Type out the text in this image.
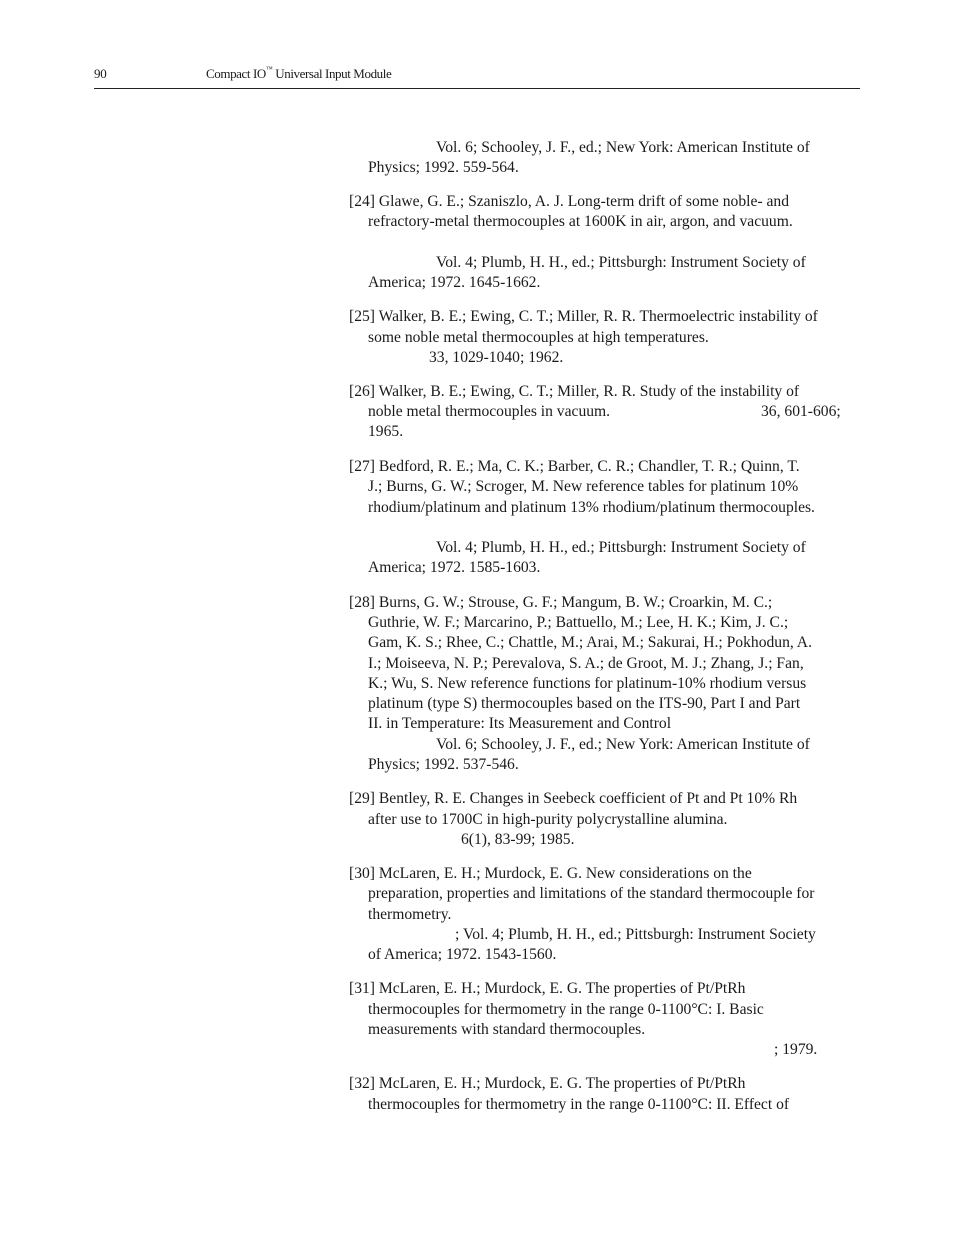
90	Compact IO™ Universal Input Module
Vol. 6; Schooley, J. F., ed.; New York: American Institute of
Physics; 1992. 559-564.
[24] Glawe, G. E.; Szaniszlo, A. J. Long-term drift of some noble- and
refractory-metal thermocouples at 1600K in air, argon, and vacuum.
Vol. 4; Plumb, H. H., ed.; Pittsburgh: Instrument Society of
America; 1972. 1645-1662.
[25] Walker, B. E.; Ewing, C. T.; Miller, R. R. Thermoelectric instability of
some noble metal thermocouples at high temperatures.
33, 1029-1040; 1962.
[26] Walker, B. E.; Ewing, C. T.; Miller, R. R. Study of the instability of
noble metal thermocouples in vacuum.	36, 601-606;
1965.
[27] Bedford, R. E.; Ma, C. K.; Barber, C. R.; Chandler, T. R.; Quinn, T.
J.; Burns, G. W.; Scroger, M. New reference tables for platinum 10%
rhodium/platinum and platinum 13% rhodium/platinum thermocouples.
Vol. 4; Plumb, H. H., ed.; Pittsburgh: Instrument Society of
America; 1972. 1585-1603.
[28] Burns, G. W.; Strouse, G. F.; Mangum, B. W.; Croarkin, M. C.;
Guthrie, W. F.; Marcarino, P.; Battuello, M.; Lee, H. K.; Kim, J. C.;
Gam, K. S.; Rhee, C.; Chattle, M.; Arai, M.; Sakurai, H.; Pokhodun, A.
I.; Moiseeva, N. P.; Perevalova, S. A.; de Groot, M. J.; Zhang, J.; Fan,
K.; Wu, S. New reference functions for platinum-10% rhodium versus
platinum (type S) thermocouples based on the ITS-90, Part I and Part
II. in Temperature: Its Measurement and Control
Vol. 6; Schooley, J. F., ed.; New York: American Institute of
Physics; 1992. 537-546.
[29] Bentley, R. E. Changes in Seebeck coefficient of Pt and Pt 10% Rh
after use to 1700C in high-purity polycrystalline alumina.
6(1), 83-99; 1985.
[30] McLaren, E. H.; Murdock, E. G. New considerations on the
preparation, properties and limitations of the standard thermocouple for
thermometry.
; Vol. 4; Plumb, H. H., ed.; Pittsburgh: Instrument Society
of America; 1972. 1543-1560.
[31] McLaren, E. H.; Murdock, E. G. The properties of Pt/PtRh
thermocouples for thermometry in the range 0-1100°C: I. Basic
measurements with standard thermocouples.
; 1979.
[32] McLaren, E. H.; Murdock, E. G. The properties of Pt/PtRh
thermocouples for thermometry in the range 0-1100°C: II. Effect of
